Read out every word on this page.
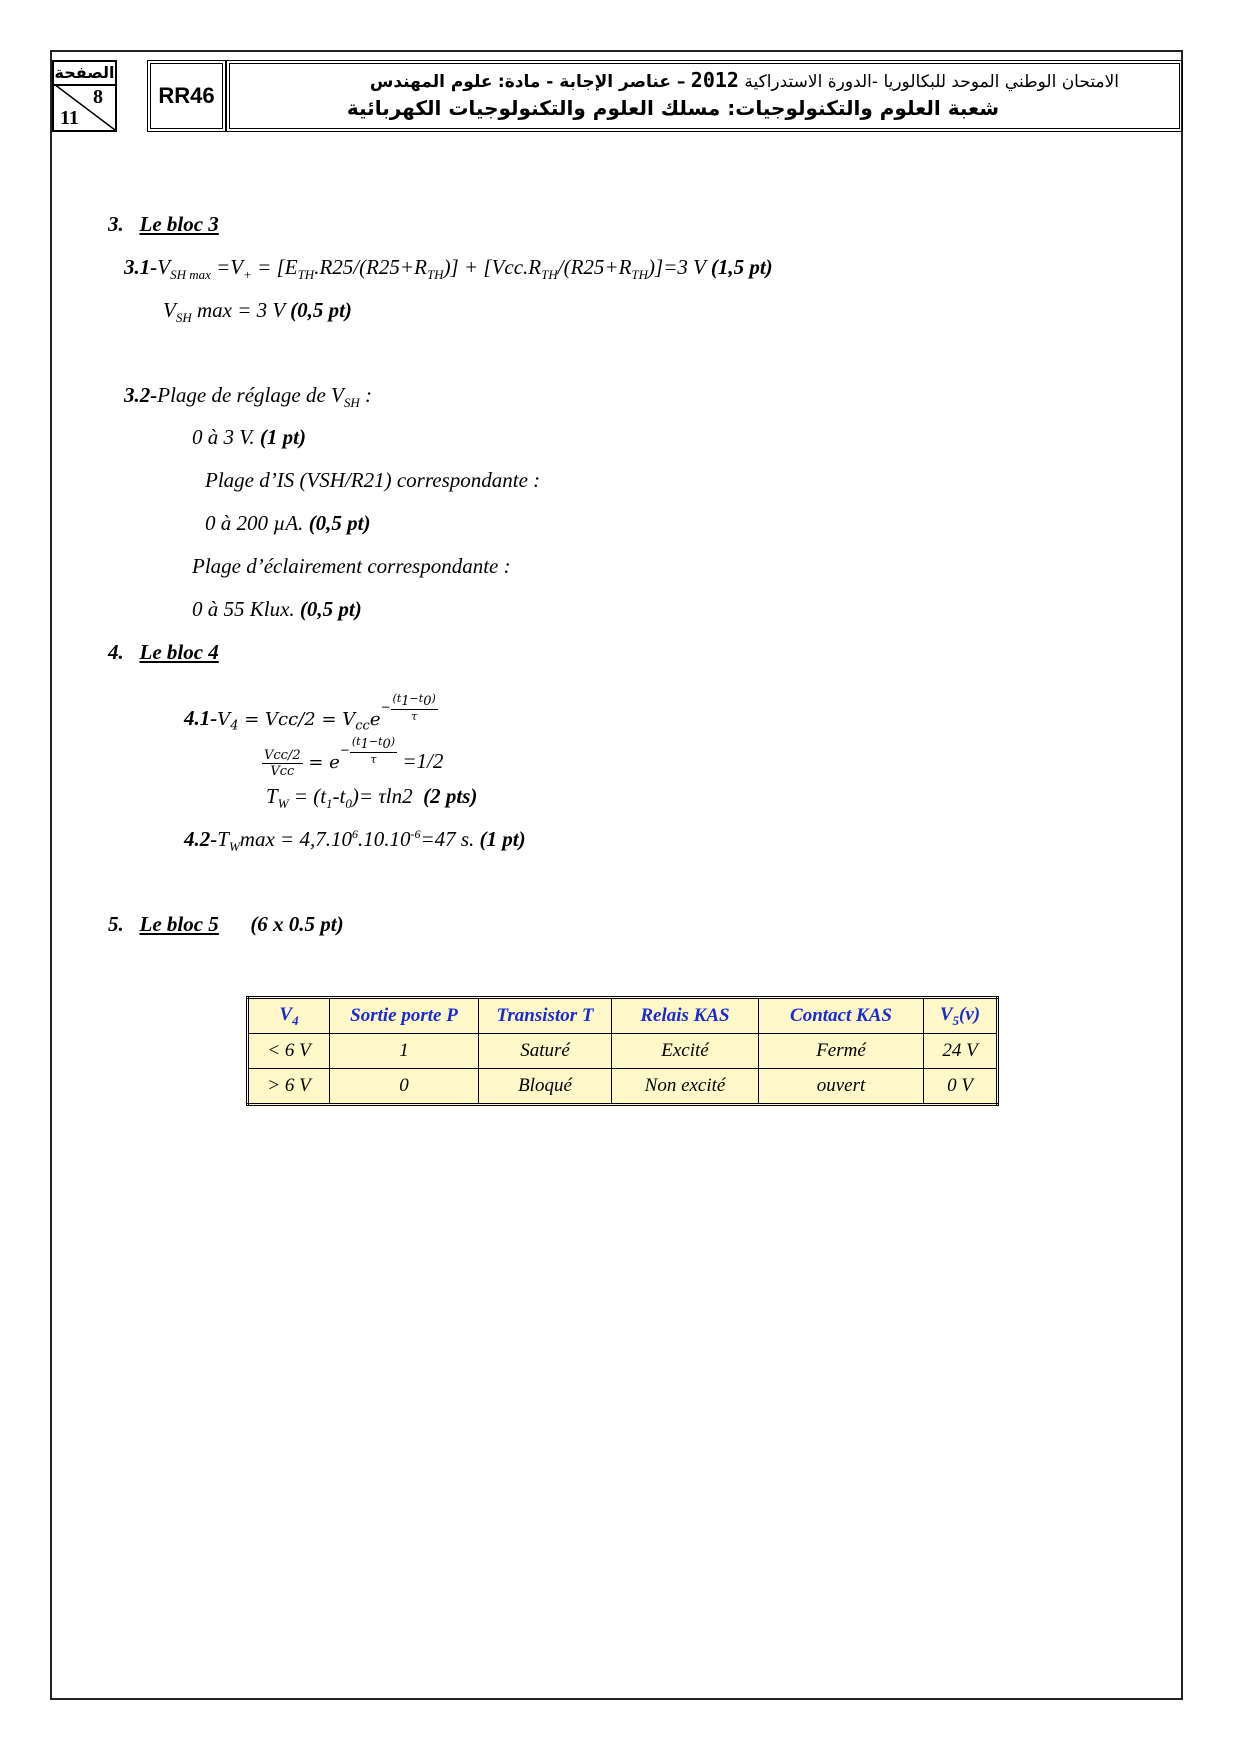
الصفحة
8
11
RR46
الامتحان الوطني الموحد للبكالوريا -الدورة الاستدراكية 2012 – عناصر الإجابة - مادة: علوم المهندس
شعبة العلوم والتكنولوجيات: مسلك العلوم والتكنولوجيات الكهربائية
3. Le bloc 3
$3.1-V_{SH max} =V_+ = [E_{TH}.R25/(R25+R_{TH})] + [Vcc.R_{TH}/(R25+R_{TH})]=3$ V (1,5 pt)
$V_{SH}$ max = 3 V (0,5 pt)
3.2-Plage de réglage de $V_{SH}$ :
0 à 3 V. (1 pt)
Plage d’IS (VSH/R21) correspondante :
0 à 200 µA. (0,5 pt)
Plage d’éclairement correspondante :
0 à 55 Klux. (0,5 pt)
4. Le bloc 4
$4.1-V_4 = Vcc/2 = V_{cc}e- \frac{(t_1-t_0)}{\tau}$
$\frac{\text{Vcc/2}}{\text{Vcc}} = e- \frac{(t_1-t_0)}{\tau} =1/2$
$T_W = (t_1-t_0)= \tau\ln 2$  (2 pts)
$4.2-T_W\max = 4,7.10^6.10.10^{-6}=47$ s. (1 pt)
5. Le bloc 5 (6 x 0.5 pt)
$V_4$	Sortie porte P	Transistor T	Relais KAS	Contact KAS	$V_5(v)$
< 6 V	1	Saturé	Excité	Fermé	24 V
> 6 V	0	Bloqué	Non excité	ouvert	0 V
